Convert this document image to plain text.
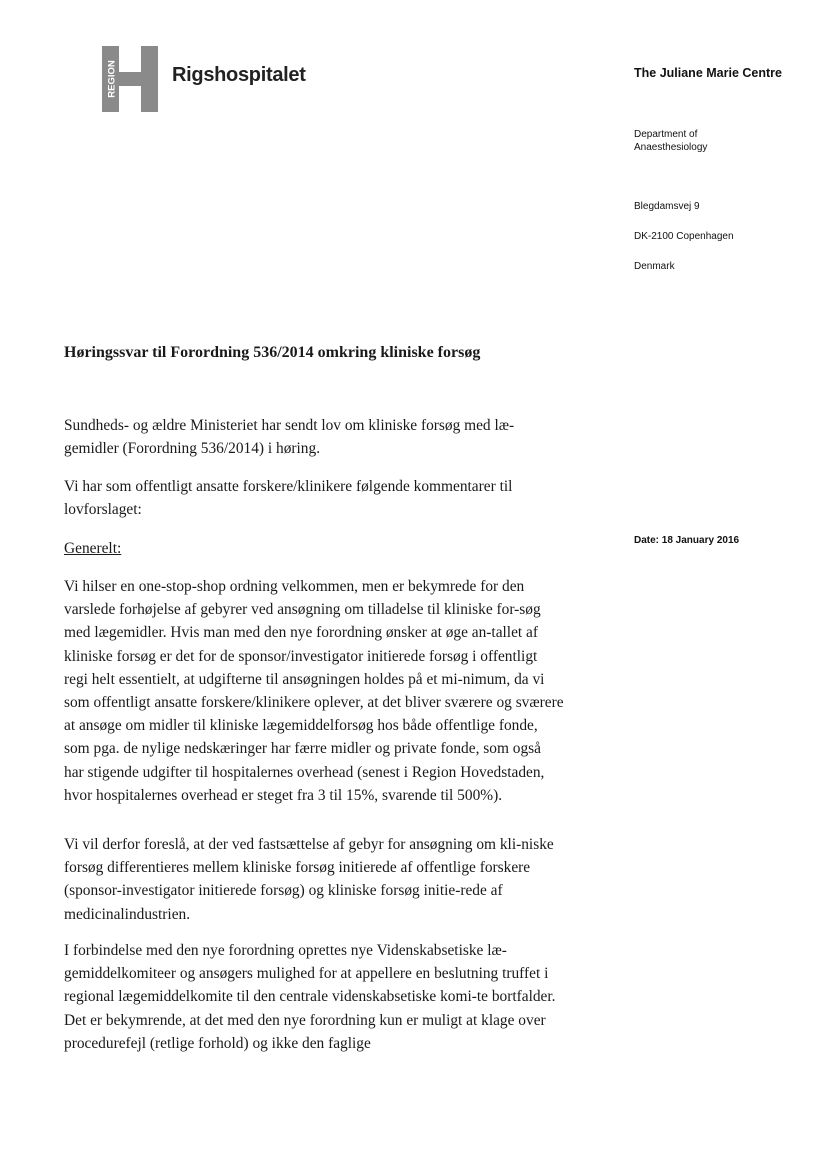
REGION	Rigshospitalet	The Juliane Marie Centre
Department of
Anaesthesiology
Blegdamsvej 9
DK-2100 Copenhagen
Denmark
Date: 18 January 2016
Høringssvar til Forordning 536/2014 omkring kliniske forsøg

Sundheds- og ældre Ministeriet har sendt lov om kliniske forsøg med læ-gemidler (Forordning 536/2014) i høring.

Vi har som offentligt ansatte forskere/klinikere følgende kommentarer til lovforslaget:

Generelt:

Vi hilser en one-stop-shop ordning velkommen, men er bekymrede for den varslede forhøjelse af gebyrer ved ansøgning om tilladelse til kliniske for-søg med lægemidler. Hvis man med den nye forordning ønsker at øge an-tallet af kliniske forsøg er det for de sponsor/investigator initierede forsøg i offentligt regi helt essentielt, at udgifterne til ansøgningen holdes på et mi-nimum, da vi som offentligt ansatte forskere/klinikere oplever, at det bliver sværere og sværere at ansøge om midler til kliniske lægemiddelforsøg hos både offentlige fonde, som pga. de nylige nedskæringer har færre midler og private fonde, som også har stigende udgifter til hospitalernes overhead (senest i Region Hovedstaden, hvor hospitalernes overhead er steget fra 3 til 15%, svarende til 500%).

Vi vil derfor foreslå, at der ved fastsættelse af gebyr for ansøgning om kli-niske forsøg differentieres mellem kliniske forsøg initierede af offentlige forskere (sponsor-investigator initierede forsøg) og kliniske forsøg initie-rede af medicinalindustrien.

I forbindelse med den nye forordning oprettes nye Videnskabsetiske læ-gemiddelkomiteer og ansøgers mulighed for at appellere en beslutning truffet i regional lægemiddelkomite til den centrale videnskabsetiske komi-te bortfalder. Det er bekymrende, at det med den nye forordning kun er muligt at klage over procedurefejl (retlige forhold) og ikke den faglige
